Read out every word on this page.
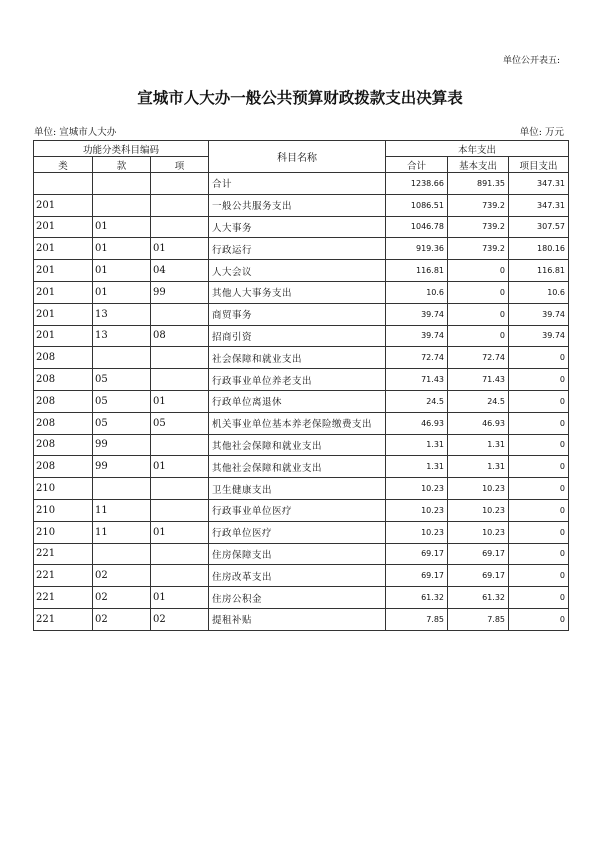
单位公开表五:
宣城市人大办一般公共预算财政拨款支出决算表
单位: 宣城市人大办	单位: 万元
功能分类科目编码			科目名称	本年支出		
类	款	项		合计	基本支出	项目支出
			合计	1238.66	891.35	347.31
201			一般公共服务支出	1086.51	739.2	347.31
201	01		人大事务	1046.78	739.2	307.57
201	01	01	行政运行	919.36	739.2	180.16
201	01	04	人大会议	116.81	0	116.81
201	01	99	其他人大事务支出	10.6	0	10.6
201	13		商贸事务	39.74	0	39.74
201	13	08	招商引资	39.74	0	39.74
208			社会保障和就业支出	72.74	72.74	0
208	05		行政事业单位养老支出	71.43	71.43	0
208	05	01	行政单位离退休	24.5	24.5	0
208	05	05	机关事业单位基本养老保险缴费支出	46.93	46.93	0
208	99		其他社会保障和就业支出	1.31	1.31	0
208	99	01	其他社会保障和就业支出	1.31	1.31	0
210			卫生健康支出	10.23	10.23	0
210	11		行政事业单位医疗	10.23	10.23	0
210	11	01	行政单位医疗	10.23	10.23	0
221			住房保障支出	69.17	69.17	0
221	02		住房改革支出	69.17	69.17	0
221	02	01	住房公积金	61.32	61.32	0
221	02	02	提租补贴	7.85	7.85	0
